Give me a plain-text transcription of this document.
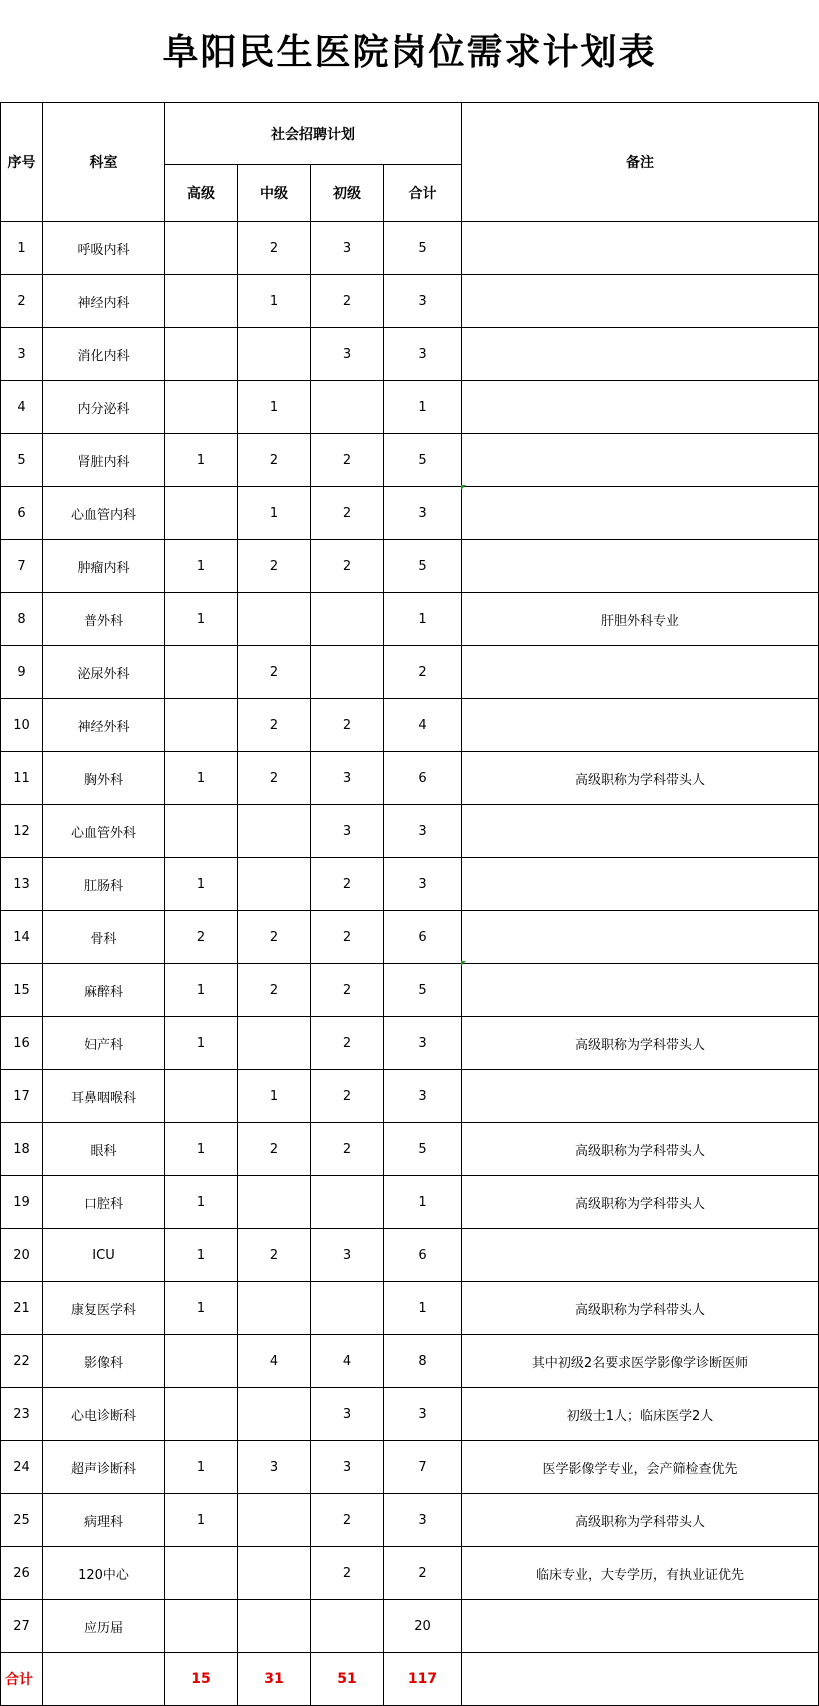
阜阳民生医院岗位需求计划表
序号	科室	社会招聘计划				备注
		高级	中级	初级	合计	
1	呼吸内科		2	3	5	
2	神经内科		1	2	3	
3	消化内科			3	3	
4	内分泌科		1		1	
5	肾脏内科	1	2	2	5	
6	心血管内科		1	2	3	
7	肿瘤内科	1	2	2	5	
8	普外科	1			1	肝胆外科专业
9	泌尿外科		2		2	
10	神经外科		2	2	4	
11	胸外科	1	2	3	6	高级职称为学科带头人
12	心血管外科			3	3	
13	肛肠科	1		2	3	
14	骨科	2	2	2	6	
15	麻醉科	1	2	2	5	
16	妇产科	1		2	3	高级职称为学科带头人
17	耳鼻咽喉科		1	2	3	
18	眼科	1	2	2	5	高级职称为学科带头人
19	口腔科	1			1	高级职称为学科带头人
20	ICU	1	2	3	6	
21	康复医学科	1			1	高级职称为学科带头人
22	影像科		4	4	8	其中初级2名要求医学影像学诊断医师
23	心电诊断科			3	3	初级士1人；临床医学2人
24	超声诊断科	1	3	3	7	医学影像学专业，会产筛检查优先
25	病理科	1		2	3	高级职称为学科带头人
26	120中心			2	2	临床专业，大专学历，有执业证优先
27	应历届				20	
合计		15	31	51	117	
